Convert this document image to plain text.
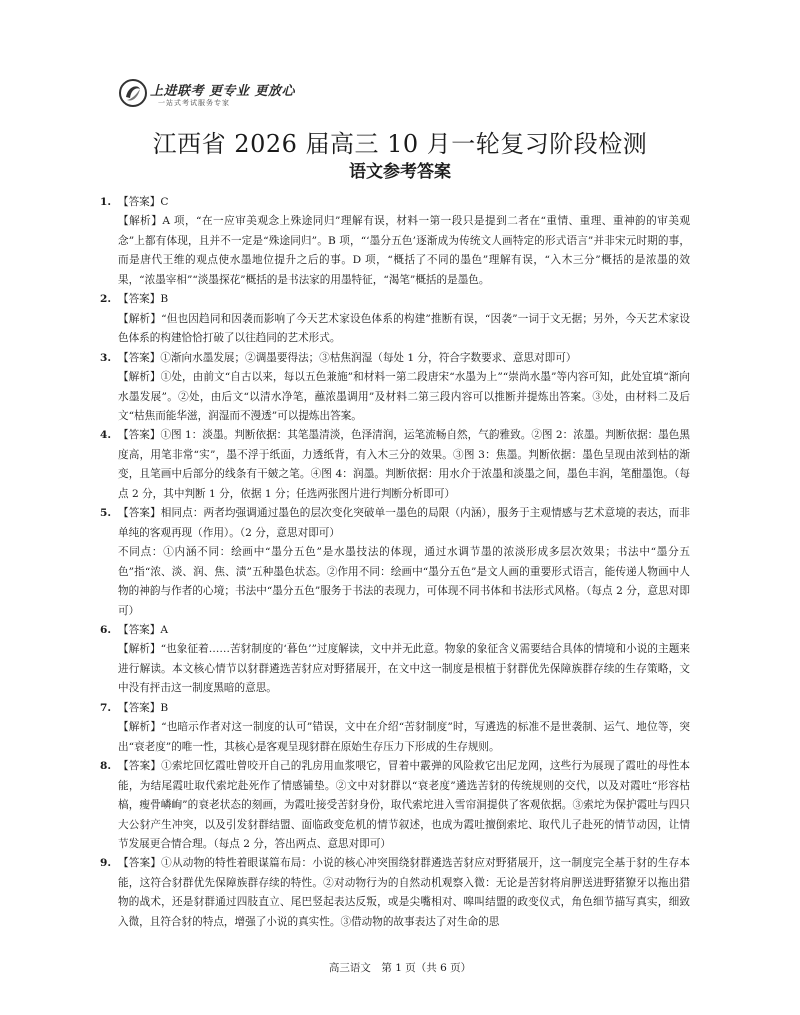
上进联考 更专业 更放心
一站式考试服务专家
江西省 2026 届高三 10 月一轮复习阶段检测
语文参考答案
1. 【答案】C

【解析】A 项，“在一应审美观念上殊途同归”理解有误，材料一第一段只是提到二者在“重情、重理、重神韵的审美观念”上都有体现，且并不一定是“殊途同归”。B 项，“‘墨分五色’逐渐成为传统文人画特定的形式语言”并非宋元时期的事，而是唐代王维的观点使水墨地位提升之后的事。D 项，“概括了不同的墨色”理解有误，“入木三分”概括的是浓墨的效果，“浓墨宰相”“淡墨探花”概括的是书法家的用墨特征，“渴笔”概括的是墨色。

2. 【答案】B

【解析】“但也因趋同和因袭而影响了今天艺术家设色体系的构建”推断有误，“因袭”一词于文无据；另外，今天艺术家设色体系的构建恰恰打破了以往趋同的艺术形式。

3. 【答案】①渐向水墨发展；②调墨要得法；③枯焦润湿（每处 1 分，符合字数要求、意思对即可）

【解析】①处，由前文“自古以来，每以五色兼施”和材料一第二段唐宋“水墨为上”“崇尚水墨”等内容可知，此处宜填“渐向水墨发展”。②处，由后文“以清水净笔，蘸浓墨调用”及材料二第三段内容可以推断并提炼出答案。③处，由材料二及后文“枯焦而能华滋，润湿而不漫透”可以提炼出答案。

4. 【答案】①图 1：淡墨。判断依据：其笔墨清淡，色泽清润，运笔流畅自然，气韵雅致。②图 2：浓墨。判断依据：墨色黑度高，用笔非常“实”，墨不浮于纸面，力透纸背，有入木三分的效果。③图 3：焦墨。判断依据：墨色呈现由浓到枯的渐变，且笔画中后部分的线条有干皴之笔。④图 4：润墨。判断依据：用水介于浓墨和淡墨之间，墨色丰润，笔酣墨饱。（每点 2 分，其中判断 1 分，依据 1 分；任选两张图片进行判断分析即可）

5. 【答案】相同点：两者均强调通过墨色的层次变化突破单一墨色的局限（内涵），服务于主观情感与艺术意境的表达，而非单纯的客观再现（作用）。（2 分，意思对即可）

不同点：①内涵不同：绘画中“墨分五色”是水墨技法的体现，通过水调节墨的浓淡形成多层次效果；书法中“墨分五色”指“浓、淡、润、焦、渍”五种墨色状态。②作用不同：绘画中“墨分五色”是文人画的重要形式语言，能传递人物画中人物的神韵与作者的心境；书法中“墨分五色”服务于书法的表现力，可体现不同书体和书法形式风格。（每点 2 分，意思对即可）

6. 【答案】A

【解析】“也象征着……苦豺制度的‘暮色’”过度解读，文中并无此意。物象的象征含义需要结合具体的情境和小说的主题来进行解读。本文核心情节以豺群遴选苦豺应对野猪展开，在文中这一制度是根植于豺群优先保障族群存续的生存策略，文中没有抨击这一制度黑暗的意思。

7. 【答案】B

【解析】“也暗示作者对这一制度的认可”错误，文中在介绍“苦豺制度”时，写遴选的标准不是世袭制、运气、地位等，突出“衰老度”的唯一性，其核心是客观呈现豺群在原始生存压力下形成的生存规则。

8. 【答案】①索坨回忆霞吐曾咬开自己的乳房用血浆喂它，冒着中霰弹的风险救它出尼龙网，这些行为展现了霞吐的母性本能，为结尾霞吐取代索坨赴死作了情感铺垫。②文中对豺群以“衰老度”遴选苦豺的传统规则的交代，以及对霞吐“形容枯槁，瘦骨嶙峋”的衰老状态的刻画，为霞吐接受苦豺身份，取代索坨进入雪帘洞提供了客观依据。③索坨为保护霞吐与四只大公豺产生冲突，以及引发豺群结盟、面临政变危机的情节叙述，也成为霞吐擅倒索坨、取代儿子赴死的情节动因，让情节发展更合情合理。（每点 2 分，答出两点、意思对即可）

9. 【答案】①从动物的特性着眼谋篇布局：小说的核心冲突围绕豺群遴选苦豺应对野猪展开，这一制度完全基于豺的生存本能，这符合豺群优先保障族群存续的特性。②对动物行为的自然动机观察入微：无论是苦豺将肩胛送进野猪獠牙以拖出猎物的战术，还是豺群通过四肢直立、尾巴竖起表达反叛，或是尖嘴相对、嗥叫结盟的政变仪式，角色细节描写真实，细致入微，且符合豺的特点，增强了小说的真实性。③借动物的故事表达了对生命的思

高三语文　第 1 页（共 6 页）
